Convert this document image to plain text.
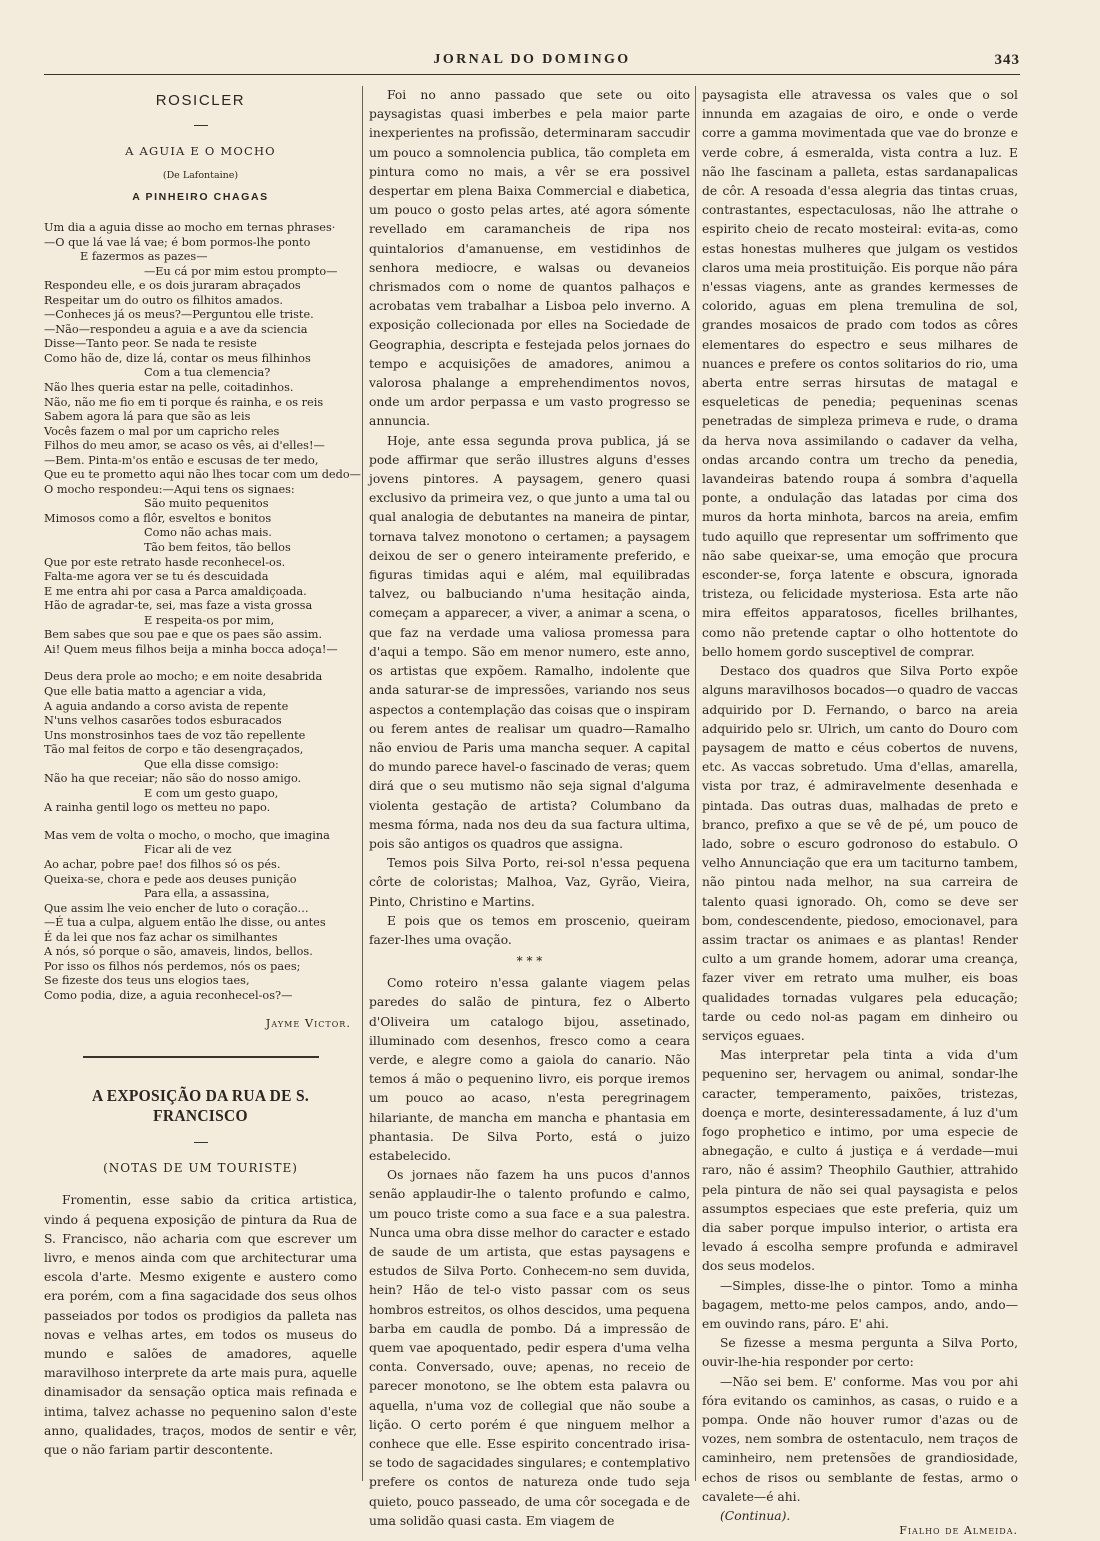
JORNAL DO DOMINGO	343
ROSICLER
A AGUIA E O MOCHO
(De Lafontaine)
A PINHEIRO CHAGAS
Um dia a aguia disse ao mocho em ternas phrases·
—O que lá vae lá vae; é bom pormos-lhe ponto
E fazermos as pazes—
—Eu cá por mim estou prompto—
Respondeu elle, e os dois juraram abraçados
Respeitar um do outro os filhitos amados.
—Conheces já os meus?—Perguntou elle triste.
—Não—respondeu a aguia e a ave da sciencia
Disse—Tanto peor. Se nada te resiste
Como hão de, dize lá, contar os meus filhinhos
Com a tua clemencia?
Não lhes queria estar na pelle, coitadinhos.
Não, não me fio em ti porque és rainha, e os reis
Sabem agora lá para que são as leis
Vocês fazem o mal por um capricho reles
Filhos do meu amor, se acaso os vês, ai d'elles!—
—Bem. Pinta-m'os então e escusas de ter medo,
Que eu te prometto aqui não lhes tocar com um dedo—
O mocho respondeu:—Aqui tens os signaes:
São muito pequenitos
Mimosos como a flôr, esveltos e bonitos
Como não achas mais.
Tão bem feitos, tão bellos
Que por este retrato hasde reconhecel-os.
Falta-me agora ver se tu és descuidada
E me entra ahi por casa a Parca amaldiçoada.
Hão de agradar-te, sei, mas faze a vista grossa
E respeita-os por mim,
Bem sabes que sou pae e que os paes são assim.
Ai! Quem meus filhos beija a minha bocca adoça!—
Deus dera prole ao mocho; e em noite desabrida
Que elle batia matto a agenciar a vida,
A aguia andando a corso avista de repente
N'uns velhos casarões todos esburacados
Uns monstrosinhos taes de voz tão repellente
Tão mal feitos de corpo e tão desengraçados,
Que ella disse comsigo:
Não ha que receiar; não são do nosso amigo.
E com um gesto guapo,
A rainha gentil logo os metteu no papo.
Mas vem de volta o mocho, o mocho, que imagina
Ficar ali de vez
Ao achar, pobre pae! dos filhos só os pés.
Queixa-se, chora e pede aos deuses punição
Para ella, a assassina,
Que assim lhe veio encher de luto o coração…
—É tua a culpa, alguem então lhe disse, ou antes
É da lei que nos faz achar os similhantes
A nós, só porque o são, amaveis, lindos, bellos.
Por isso os filhos nós perdemos, nós os paes;
Se fizeste dos teus uns elogios taes,
Como podia, dize, a aguia reconhecel-os?—
Jayme Victor.
A EXPOSIÇÃO DA RUA DE S. FRANCISCO
(NOTAS DE UM TOURISTE)

Fromentin, esse sabio da critica artistica, vindo á pequena exposição de pintura da Rua de S. Francisco, não acharia com que escrever um livro, e menos ainda com que architecturar uma escola d'arte. Mesmo exigente e austero como era porém, com a fina sagacidade dos seus olhos passeiados por todos os prodigios da palleta nas novas e velhas artes, em todos os museus do mundo e salões de amadores, aquelle maravilhoso interprete da arte mais pura, aquelle dinamisador da sensação optica mais refinada e intima, talvez achasse no pequenino salon d'este anno, qualidades, traços, modos de sentir e vêr, que o não fariam partir descontente.

Foi no anno passado que sete ou oito paysagistas quasi imberbes e pela maior parte inexperientes na profissão, determinaram saccudir um pouco a somnolencia publica, tão completa em pintura como no mais, a vêr se era possivel despertar em plena Baixa Commercial e diabetica, um pouco o gosto pelas artes, até agora sómente revellado em caramancheis de ripa nos quintalorios d'amanuense, em vestidinhos de senhora mediocre, e walsas ou devaneios chrismados com o nome de quantos palhaços e acrobatas vem trabalhar a Lisboa pelo inverno. A exposição collecionada por elles na Sociedade de Geographia, descripta e festejada pelos jornaes do tempo e acquisições de amadores, animou a valorosa phalange a emprehendimentos novos, onde um ardor perpassa e um vasto progresso se annuncia.

Hoje, ante essa segunda prova publica, já se pode affirmar que serão illustres alguns d'esses jovens pintores. A paysagem, genero quasi exclusivo da primeira vez, o que junto a uma tal ou qual analogia de debutantes na maneira de pintar, tornava talvez monotono o certamen; a paysagem deixou de ser o genero inteiramente preferido, e figuras timidas aqui e além, mal equilibradas talvez, ou balbuciando n'uma hesitação ainda, começam a apparecer, a viver, a animar a scena, o que faz na verdade uma valiosa promessa para d'aqui a tempo. São em menor numero, este anno, os artistas que expõem. Ramalho, indolente que anda saturar-se de impressões, variando nos seus aspectos a contemplação das coisas que o inspiram ou ferem antes de realisar um quadro—Ramalho não enviou de Paris uma mancha sequer. A capital do mundo parece havel-o fascinado de veras; quem dirá que o seu mutismo não seja signal d'alguma violenta gestação de artista? Columbano da mesma fórma, nada nos deu da sua factura ultima, pois são antigos os quadros que assigna.

Temos pois Silva Porto, rei-sol n'essa pequena côrte de coloristas; Malhoa, Vaz, Gyrão, Vieira, Pinto, Christino e Martins.

E pois que os temos em proscenio, queiram fazer-lhes uma ovação.

* * *

Como roteiro n'essa galante viagem pelas paredes do salão de pintura, fez o Alberto d'Oliveira um catalogo bijou, assetinado, illuminado com desenhos, fresco como a ceara verde, e alegre como a gaiola do canario. Não temos á mão o pequenino livro, eis porque iremos um pouco ao acaso, n'esta peregrinagem hilariante, de mancha em mancha e phantasia em phantasia. De Silva Porto, está o juizo estabelecido.

Os jornaes não fazem ha uns pucos d'annos senão applaudir-lhe o talento profundo e calmo, um pouco triste como a sua face e a sua palestra. Nunca uma obra disse melhor do caracter e estado de saude de um artista, que estas paysagens e estudos de Silva Porto. Conhecem-no sem duvida, hein? Hão de tel-o visto passar com os seus hombros estreitos, os olhos descidos, uma pequena barba em caudla de pombo. Dá a impressão de quem vae apoquentado, pedir espera d'uma velha conta. Conversado, ouve; apenas, no receio de parecer monotono, se lhe obtem esta palavra ou aquella, n'uma voz de collegial que não soube a lição. O certo porém é que ninguem melhor a conhece que elle. Esse espirito concentrado irisa-se todo de sagacidades singulares; e contemplativo prefere os contos de natureza onde tudo seja quieto, pouco passeado, de uma côr socegada e de uma solidão quasi casta. Em viagem de

paysagista elle atravessa os vales que o sol innunda em azagaias de oiro, e onde o verde corre a gamma movimentada que vae do bronze e verde cobre, á esmeralda, vista contra a luz. E não lhe fascinam a palleta, estas sardanapalicas de côr. A resoada d'essa alegria das tintas cruas, contrastantes, espectaculosas, não lhe attrahe o espirito cheio de recato mosteiral: evita-as, como estas honestas mulheres que julgam os vestidos claros uma meia prostituição. Eis porque não pára n'essas viagens, ante as grandes kermesses de colorido, aguas em plena tremulina de sol, grandes mosaicos de prado com todos as côres elementares do espectro e seus milhares de nuances e prefere os contos solitarios do rio, uma aberta entre serras hirsutas de matagal e esqueleticas de penedia; pequeninas scenas penetradas de simpleza primeva e rude, o drama da herva nova assimilando o cadaver da velha, ondas arcando contra um trecho da penedia, lavandeiras batendo roupa á sombra d'aquella ponte, a ondulação das latadas por cima dos muros da horta minhota, barcos na areia, emfim tudo aquillo que representar um soffrimento que não sabe queixar-se, uma emoção que procura esconder-se, força latente e obscura, ignorada tristeza, ou felicidade mysteriosa. Esta arte não mira effeitos apparatosos, ficelles brilhantes, como não pretende captar o olho hottentote do bello homem gordo susceptivel de comprar.

Destaco dos quadros que Silva Porto expõe alguns maravilhosos bocados—o quadro de vaccas adquirido por D. Fernando, o barco na areia adquirido pelo sr. Ulrich, um canto do Douro com paysagem de matto e céus cobertos de nuvens, etc. As vaccas sobretudo. Uma d'ellas, amarella, vista por traz, é admiravelmente desenhada e pintada. Das outras duas, malhadas de preto e branco, prefixo a que se vê de pé, um pouco de lado, sobre o escuro godronoso do estabulo. O velho Annunciação que era um taciturno tambem, não pintou nada melhor, na sua carreira de talento quasi ignorado. Oh, como se deve ser bom, condescendente, piedoso, emocionavel, para assim tractar os animaes e as plantas! Render culto a um grande homem, adorar uma creança, fazer viver em retrato uma mulher, eis boas qualidades tornadas vulgares pela educação; tarde ou cedo nol-as pagam em dinheiro ou serviços eguaes.

Mas interpretar pela tinta a vida d'um pequenino ser, hervagem ou animal, sondar-lhe caracter, temperamento, paixões, tristezas, doença e morte, desinteressadamente, á luz d'um fogo prophetico e intimo, por uma especie de abnegação, e culto á justiça e á verdade—mui raro, não é assim? Theophilo Gauthier, attrahido pela pintura de não sei qual paysagista e pelos assumptos especiaes que este preferia, quiz um dia saber porque impulso interior, o artista era levado á escolha sempre profunda e admiravel dos seus modelos.

—Simples, disse-lhe o pintor. Tomo a minha bagagem, metto-me pelos campos, ando, ando—em ouvindo rans, páro. E' ahi.

Se fizesse a mesma pergunta a Silva Porto, ouvir-lhe-hia responder por certo:

—Não sei bem. E' conforme. Mas vou por ahi fóra evitando os caminhos, as casas, o ruido e a pompa. Onde não houver rumor d'azas ou de vozes, nem sombra de ostentaculo, nem traços de caminheiro, nem pretensões de grandiosidade, echos de risos ou semblante de festas, armo o cavalete—é ahi.

(Continua).

Fialho de Almeida.
